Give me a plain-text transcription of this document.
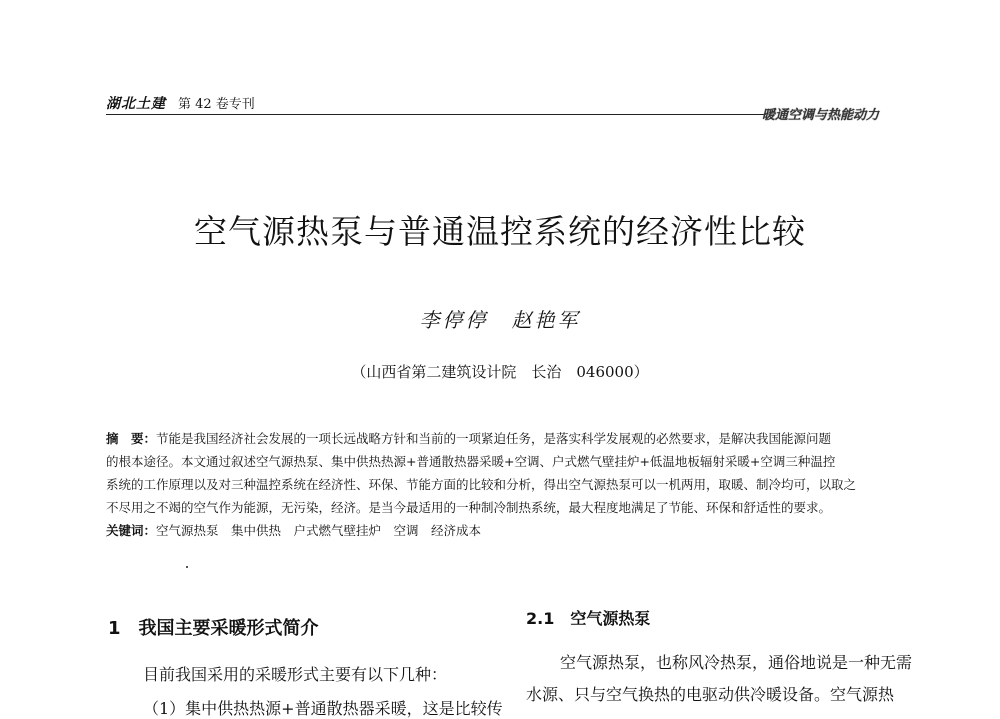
湖北土建 第 42 卷专刊
暖通空调与热能动力
空气源热泵与普通温控系统的经济性比较
李停停　赵艳军
（山西省第二建筑设计院　长治　046000）
摘　要：节能是我国经济社会发展的一项长远战略方针和当前的一项紧迫任务，是落实科学发展观的必然要求，是解决我国能源问题
的根本途径。本文通过叙述空气源热泵、集中供热热源+普通散热器采暖+空调、户式燃气壁挂炉+低温地板辐射采暖+空调三种温控
系统的工作原理以及对三种温控系统在经济性、环保、节能方面的比较和分析，得出空气源热泵可以一机两用，取暖、制冷均可，以取之
不尽用之不竭的空气作为能源，无污染，经济。是当今最适用的一种制冷制热系统，最大程度地满足了节能、环保和舒适性的要求。
关键词：空气源热泵　集中供热　户式燃气壁挂炉　空调　经济成本
1　我国主要采暖形式简介
目前我国采用的采暖形式主要有以下几种：
（1）集中供热热源+普通散热器采暖，这是比较传
2.1　空气源热泵
空气源热泵，也称风冷热泵，通俗地说是一种无需
水源、只与空气换热的电驱动供冷暖设备。空气源热
